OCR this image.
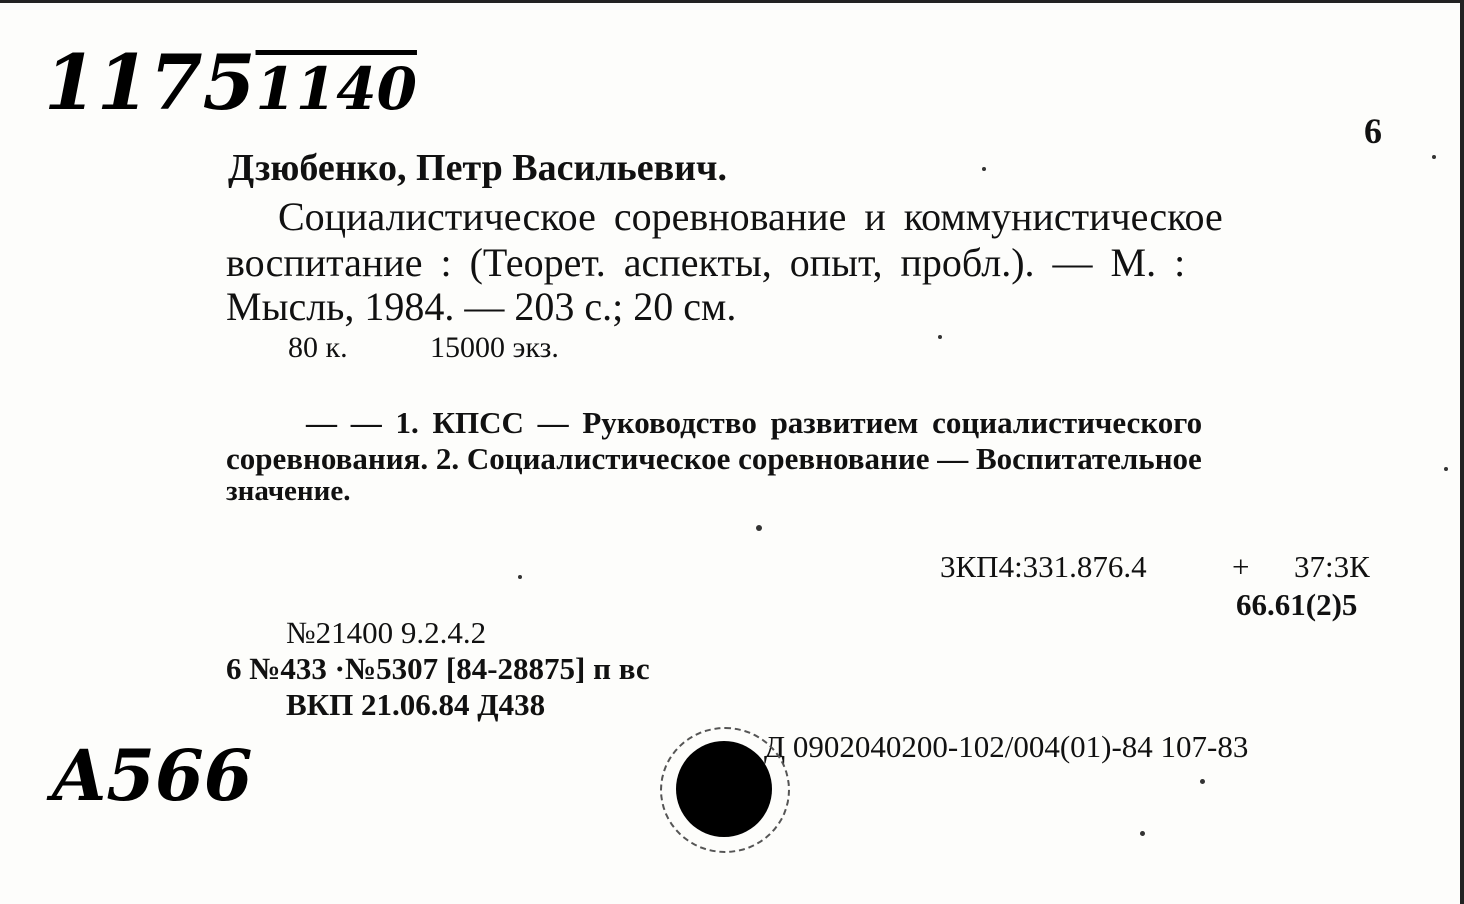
11751140
6
Дзюбенко, Петр Васильевич.
Социалистическое соревнование и коммунистическое
воспитание : (Теорет. аспекты, опыт, пробл.). — М. :
Мысль, 1984. — 203 с.; 20 см.
80 к.	15000 экз.
— — 1. КПСС — Руководство развитием социалистического
соревнования. 2. Социалистическое соревнование — Воспитательное
значение.
3КП4:331.876.4	+ 37:3К
66.61(2)5
№21400 9.2.4.2
6 №433 ·№5307 [84-28875] п вс
ВКП 21.06.84 Д438
Д 0902040200-102/004(01)-84 107-83
A566
